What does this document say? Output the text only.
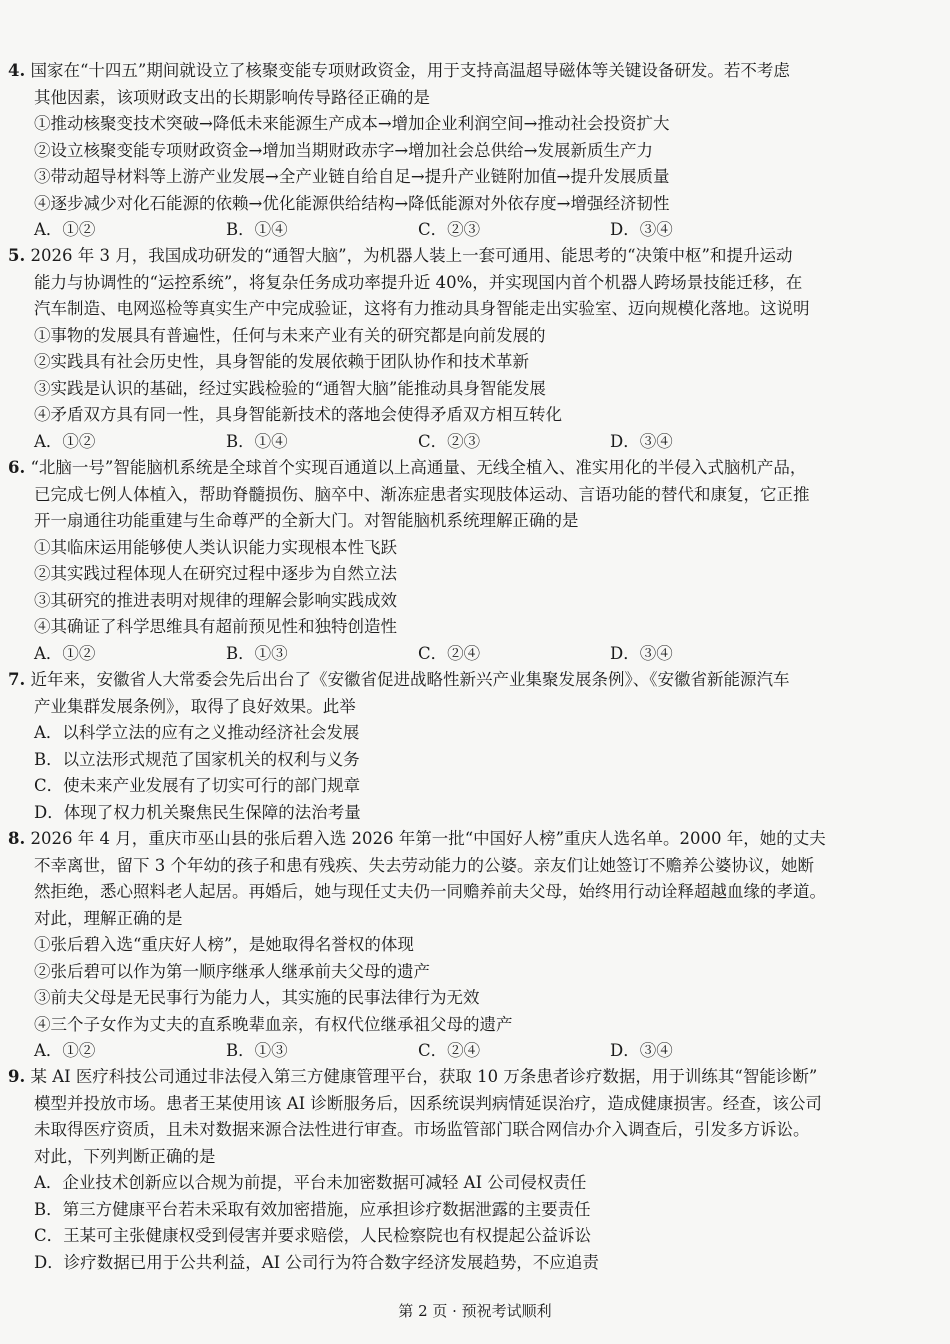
4. 国家在“十四五”期间就设立了核聚变能专项财政资金，用于支持高温超导磁体等关键设备研发。若不考虑
其他因素，该项财政支出的长期影响传导路径正确的是
①推动核聚变技术突破→降低未来能源生产成本→增加企业利润空间→推动社会投资扩大
②设立核聚变能专项财政资金→增加当期财政赤字→增加社会总供给→发展新质生产力
③带动超导材料等上游产业发展→全产业链自给自足→提升产业链附加值→提升发展质量
④逐步减少对化石能源的依赖→优化能源供给结构→降低能源对外依存度→增强经济韧性
A．①②	B．①④	C．②③	D．③④
5. 2026 年 3 月，我国成功研发的“通智大脑”，为机器人装上一套可通用、能思考的“决策中枢”和提升运动
能力与协调性的“运控系统”，将复杂任务成功率提升近 40%，并实现国内首个机器人跨场景技能迁移，在
汽车制造、电网巡检等真实生产中完成验证，这将有力推动具身智能走出实验室、迈向规模化落地。这说明
①事物的发展具有普遍性，任何与未来产业有关的研究都是向前发展的
②实践具有社会历史性，具身智能的发展依赖于团队协作和技术革新
③实践是认识的基础，经过实践检验的“通智大脑”能推动具身智能发展
④矛盾双方具有同一性，具身智能新技术的落地会使得矛盾双方相互转化
A．①②	B．①④	C．②③	D．③④
6. “北脑一号”智能脑机系统是全球首个实现百通道以上高通量、无线全植入、准实用化的半侵入式脑机产品，
已完成七例人体植入，帮助脊髓损伤、脑卒中、渐冻症患者实现肢体运动、言语功能的替代和康复，它正推
开一扇通往功能重建与生命尊严的全新大门。对智能脑机系统理解正确的是
①其临床运用能够使人类认识能力实现根本性飞跃
②其实践过程体现人在研究过程中逐步为自然立法
③其研究的推进表明对规律的理解会影响实践成效
④其确证了科学思维具有超前预见性和独特创造性
A．①②	B．①③	C．②④	D．③④
7. 近年来，安徽省人大常委会先后出台了《安徽省促进战略性新兴产业集聚发展条例》、《安徽省新能源汽车
产业集群发展条例》，取得了良好效果。此举
A．以科学立法的应有之义推动经济社会发展
B．以立法形式规范了国家机关的权利与义务
C．使未来产业发展有了切实可行的部门规章
D．体现了权力机关聚焦民生保障的法治考量
8. 2026 年 4 月，重庆市巫山县的张后碧入选 2026 年第一批“中国好人榜”重庆人选名单。2000 年，她的丈夫
不幸离世，留下 3 个年幼的孩子和患有残疾、失去劳动能力的公婆。亲友们让她签订不赡养公婆协议，她断
然拒绝，悉心照料老人起居。再婚后，她与现任丈夫仍一同赡养前夫父母，始终用行动诠释超越血缘的孝道。
对此，理解正确的是
①张后碧入选“重庆好人榜”，是她取得名誉权的体现
②张后碧可以作为第一顺序继承人继承前夫父母的遗产
③前夫父母是无民事行为能力人，其实施的民事法律行为无效
④三个子女作为丈夫的直系晚辈血亲，有权代位继承祖父母的遗产
A．①②	B．①③	C．②④	D．③④
9. 某 AI 医疗科技公司通过非法侵入第三方健康管理平台，获取 10 万条患者诊疗数据，用于训练其“智能诊断”
模型并投放市场。患者王某使用该 AI 诊断服务后，因系统误判病情延误治疗，造成健康损害。经查，该公司
未取得医疗资质，且未对数据来源合法性进行审查。市场监管部门联合网信办介入调查后，引发多方诉讼。
对此，下列判断正确的是
A．企业技术创新应以合规为前提，平台未加密数据可减轻 AI 公司侵权责任
B．第三方健康平台若未采取有效加密措施，应承担诊疗数据泄露的主要责任
C．王某可主张健康权受到侵害并要求赔偿，人民检察院也有权提起公益诉讼
D．诊疗数据已用于公共利益，AI 公司行为符合数字经济发展趋势，不应追责
第 2 页 · 预祝考试顺利
